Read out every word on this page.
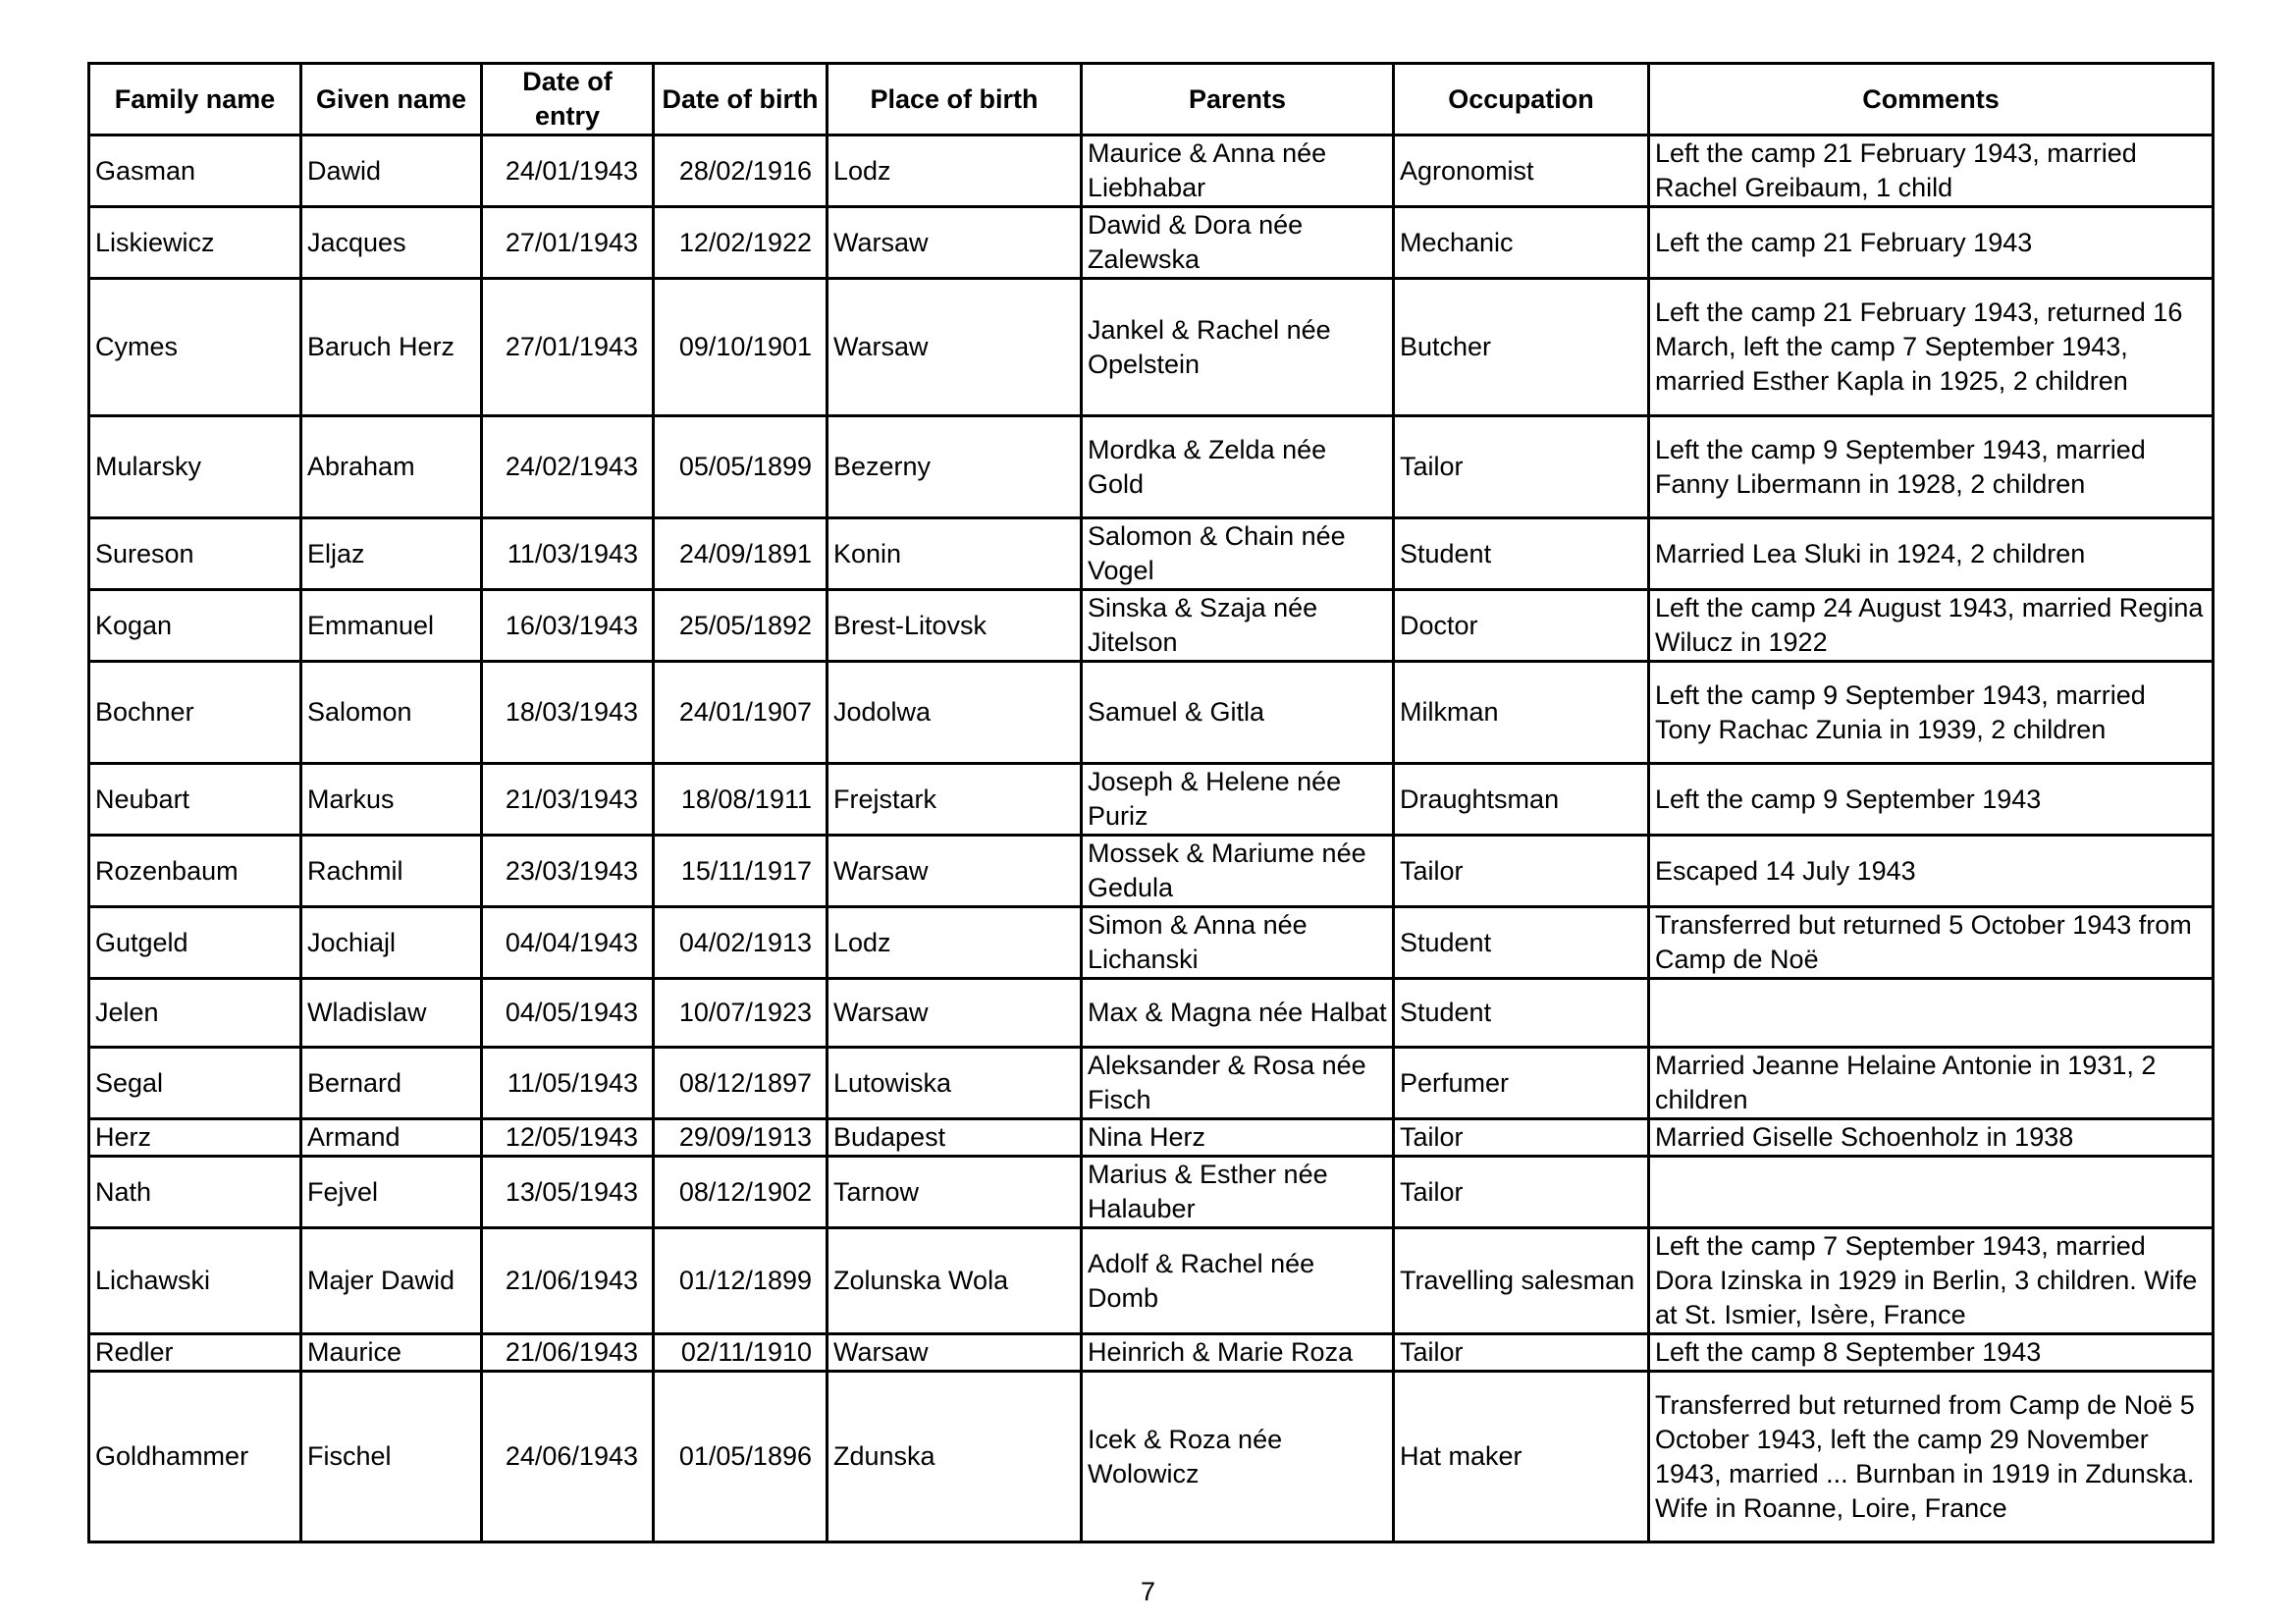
Family name	Given name	Date of entry	Date of birth	Place of birth	Parents	Occupation	Comments
Gasman	Dawid	24/01/1943	28/02/1916	Lodz	Maurice & Anna née Liebhabar	Agronomist	Left the camp 21 February 1943, married Rachel Greibaum, 1 child
Liskiewicz	Jacques	27/01/1943	12/02/1922	Warsaw	Dawid & Dora née Zalewska	Mechanic	Left the camp 21 February 1943
Cymes	Baruch Herz	27/01/1943	09/10/1901	Warsaw	Jankel & Rachel née Opelstein	Butcher	Left the camp 21 February 1943, returned 16 March, left the camp 7 September 1943, married Esther Kapla in 1925, 2 children
Mularsky	Abraham	24/02/1943	05/05/1899	Bezerny	Mordka & Zelda née Gold	Tailor	Left the camp 9 September 1943, married Fanny Libermann in 1928, 2 children
Sureson	Eljaz	11/03/1943	24/09/1891	Konin	Salomon & Chain née Vogel	Student	Married Lea Sluki in 1924, 2 children
Kogan	Emmanuel	16/03/1943	25/05/1892	Brest-Litovsk	Sinska & Szaja née Jitelson	Doctor	Left the camp 24 August 1943, married Regina Wilucz in 1922
Bochner	Salomon	18/03/1943	24/01/1907	Jodolwa	Samuel & Gitla	Milkman	Left the camp 9 September 1943, married Tony Rachac Zunia in 1939, 2 children
Neubart	Markus	21/03/1943	18/08/1911	Frejstark	Joseph & Helene née Puriz	Draughtsman	Left the camp 9 September 1943
Rozenbaum	Rachmil	23/03/1943	15/11/1917	Warsaw	Mossek & Mariume née Gedula	Tailor	Escaped 14 July 1943
Gutgeld	Jochiajl	04/04/1943	04/02/1913	Lodz	Simon & Anna née Lichanski	Student	Transferred but returned 5 October 1943 from Camp de Noë
Jelen	Wladislaw	04/05/1943	10/07/1923	Warsaw	Max & Magna née Halbat	Student	
Segal	Bernard	11/05/1943	08/12/1897	Lutowiska	Aleksander & Rosa née Fisch	Perfumer	Married Jeanne Helaine Antonie in 1931, 2 children
Herz	Armand	12/05/1943	29/09/1913	Budapest	Nina Herz	Tailor	Married Giselle Schoenholz in 1938
Nath	Fejvel	13/05/1943	08/12/1902	Tarnow	Marius & Esther née Halauber	Tailor	
Lichawski	Majer Dawid	21/06/1943	01/12/1899	Zolunska Wola	Adolf & Rachel née Domb	Travelling salesman	Left the camp 7 September 1943, married Dora Izinska in 1929 in Berlin, 3 children. Wife at St. Ismier, Isère, France
Redler	Maurice	21/06/1943	02/11/1910	Warsaw	Heinrich & Marie Roza	Tailor	Left the camp 8 September 1943
Goldhammer	Fischel	24/06/1943	01/05/1896	Zdunska	Icek & Roza née Wolowicz	Hat maker	Transferred but returned from Camp de Noë 5 October 1943, left the camp 29 November 1943, married ... Burnban in 1919 in Zdunska. Wife in Roanne, Loire, France
7
